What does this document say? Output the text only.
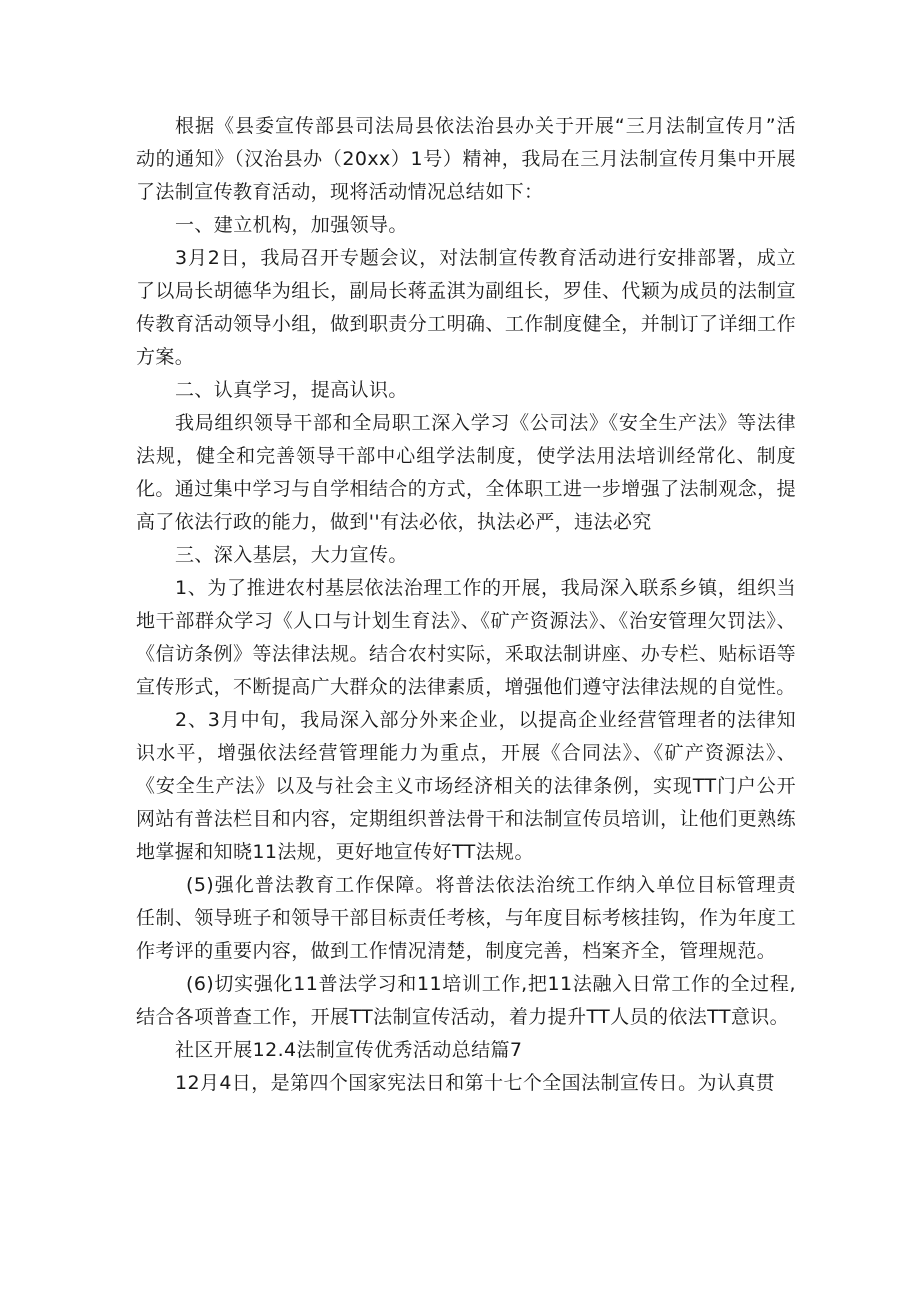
根据《县委宣传部县司法局县依法治县办关于开展“三月法制宣传月”活动的通知》（汉治县办（20xx）1号）精神，我局在三月法制宣传月集中开展了法制宣传教育活动，现将活动情况总结如下：

一、建立机构，加强领导。

3月2日，我局召开专题会议，对法制宣传教育活动进行安排部署，成立了以局长胡德华为组长，副局长蒋孟淇为副组长，罗佳、代颖为成员的法制宣传教育活动领导小组，做到职责分工明确、工作制度健全，并制订了详细工作方案。

二、认真学习，提高认识。

我局组织领导干部和全局职工深入学习《公司法》《安全生产法》等法律法规，健全和完善领导干部中心组学法制度，使学法用法培训经常化、制度化。通过集中学习与自学相结合的方式，全体职工进一步增强了法制观念，提高了依法行政的能力，做到''有法必依，执法必严，违法必究

三、深入基层，大力宣传。

1、为了推进农村基层依法治理工作的开展，我局深入联系乡镇，组织当地干部群众学习《人口与计划生育法》、《矿产资源法》、《治安管理欠罚法》、《信访条例》等法律法规。结合农村实际，釆取法制讲座、办专栏、贴标语等宣传形式，不断提高广大群众的法律素质，增强他们遵守法律法规的自觉性。

2、3月中旬，我局深入部分外来企业，以提高企业经营管理者的法律知识水平，增强依法经营管理能力为重点，开展《合同法》、《矿产资源法》、《安全生产法》以及与社会主义市场经济相关的法律条例，实现TT门户公开网站有普法栏目和内容，定期组织普法骨干和法制宣传员培训，让他们更熟练地掌握和知晓11法规，更好地宣传好TT法规。

(5)强化普法教育工作保障。将普法依法治统工作纳入单位目标管理责任制、领导班子和领导干部目标责任考核，与年度目标考核挂钩，作为年度工作考评的重要内容，做到工作情况清楚，制度完善，档案齐全，管理规范。

(6)切实强化11普法学习和11培训工作,把11法融入日常工作的全过程,结合各项普查工作，开展TT法制宣传活动，着力提升TT人员的依法TT意识。

社区开展12.4法制宣传优秀活动总结篇7

12月4日，是第四个国家宪法日和第十七个全国法制宣传日。为认真贯
